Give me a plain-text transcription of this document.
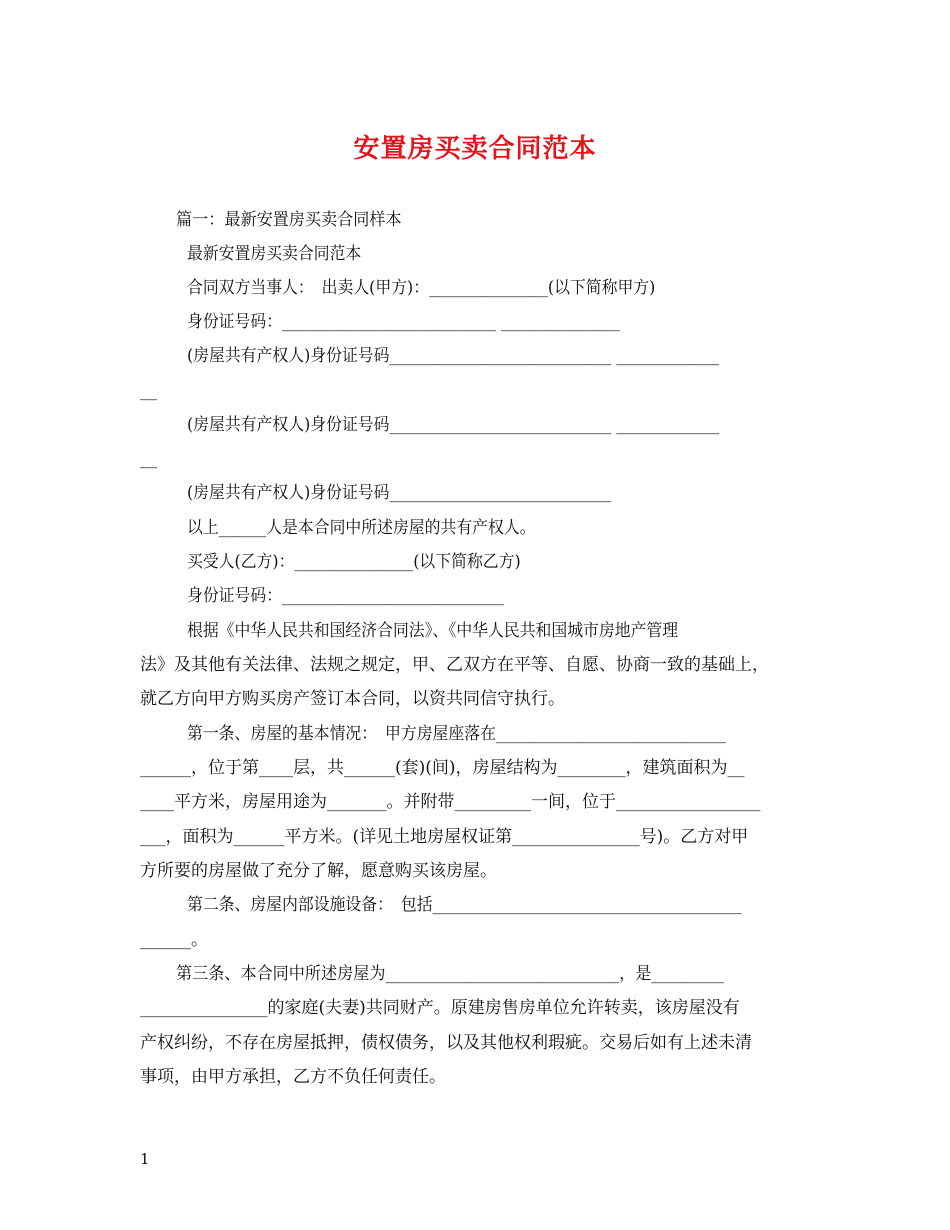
安置房买卖合同范本
篇一：最新安置房买卖合同样本
最新安置房买卖合同范本
合同双方当事人：　出卖人(甲方)：_______________(以下简称甲方)
身份证号码：___________________________ _______________
(房屋共有产权人)身份证号码____________________________ _____________
__
(房屋共有产权人)身份证号码____________________________ _____________
__
(房屋共有产权人)身份证号码____________________________
以上______人是本合同中所述房屋的共有产权人。
买受人(乙方)：_______________(以下简称乙方)
身份证号码：____________________________
根据《中华人民共和国经济合同法》、《中华人民共和国城市房地产管理
法》及其他有关法律、法规之规定，甲、乙双方在平等、自愿、协商一致的基础上，
就乙方向甲方购买房产签订本合同，以资共同信守执行。
第一条、房屋的基本情况：　甲方房屋座落在_____________________________
______，位于第____层，共______(套)(间)，房屋结构为________，建筑面积为__
____平方米，房屋用途为_______。并附带_________一间，位于_________________
___，面积为______平方米。(详见土地房屋权证第_______________号)。乙方对甲
方所要的房屋做了充分了解，愿意购买该房屋。
第二条、房屋内部设施设备：　包括_______________________________________
______。
第三条、本合同中所述房屋为_____________________________，是_________
_______________的家庭(夫妻)共同财产。原建房售房单位允许转卖，该房屋没有
产权纠纷，不存在房屋抵押，债权债务，以及其他权利瑕疵。交易后如有上述未清
事项，由甲方承担，乙方不负任何责任。
1
